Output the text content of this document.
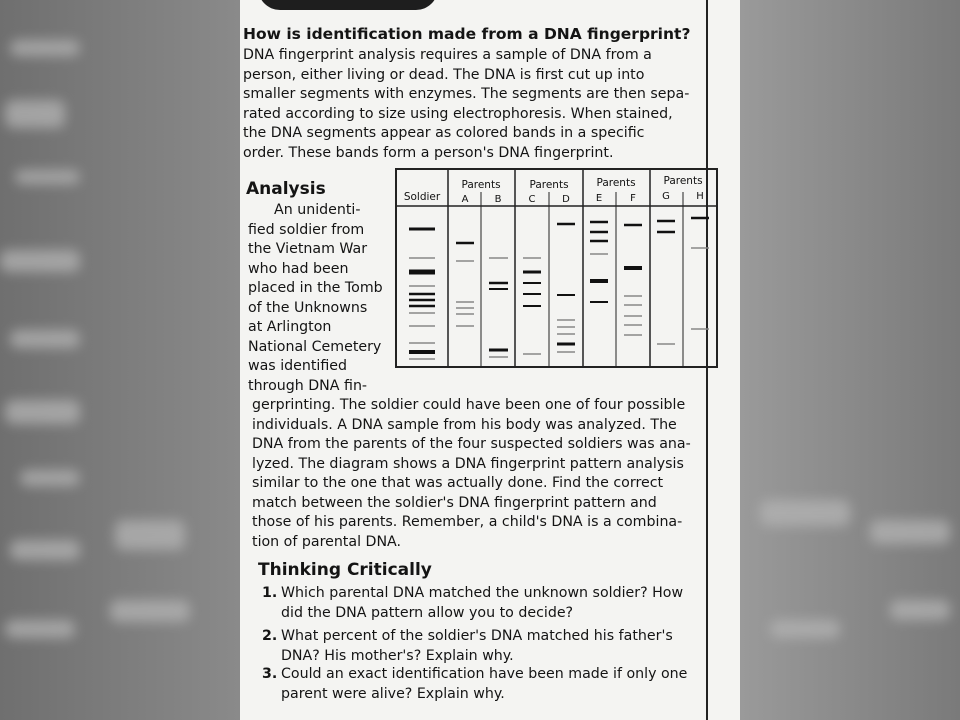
How is identification made from a DNA fingerprint?
DNA fingerprint analysis requires a sample of DNA from a
person, either living or dead. The DNA is first cut up into
smaller segments with enzymes. The segments are then sepa-
rated according to size using electrophoresis. When stained,
the DNA segments appear as colored bands in a specific
order. These bands form a person's DNA fingerprint.
Analysis
An unidenti-
fied soldier from
the Vietnam War
who had been
placed in the Tomb
of the Unknowns
at Arlington
National Cemetery
was identified
through DNA fin-
gerprinting. The soldier could have been one of four possible
individuals. A DNA sample from his body was analyzed. The
DNA from the parents of the four suspected soldiers was ana-
lyzed. The diagram shows a DNA fingerprint pattern analysis
similar to the one that was actually done. Find the correct
match between the soldier's DNA fingerprint pattern and
those of his parents. Remember, a child's DNA is a combina-
tion of parental DNA.
Thinking Critically
1. Which parental DNA matched the unknown soldier? How
did the DNA pattern allow you to decide?
2. What percent of the soldier's DNA matched his father's
DNA? His mother's? Explain why.
3. Could an exact identification have been made if only one
parent were alive? Explain why.
Soldier
Parents	Parents	Parents	Parents
A	B	C	D	E	F	G	H
